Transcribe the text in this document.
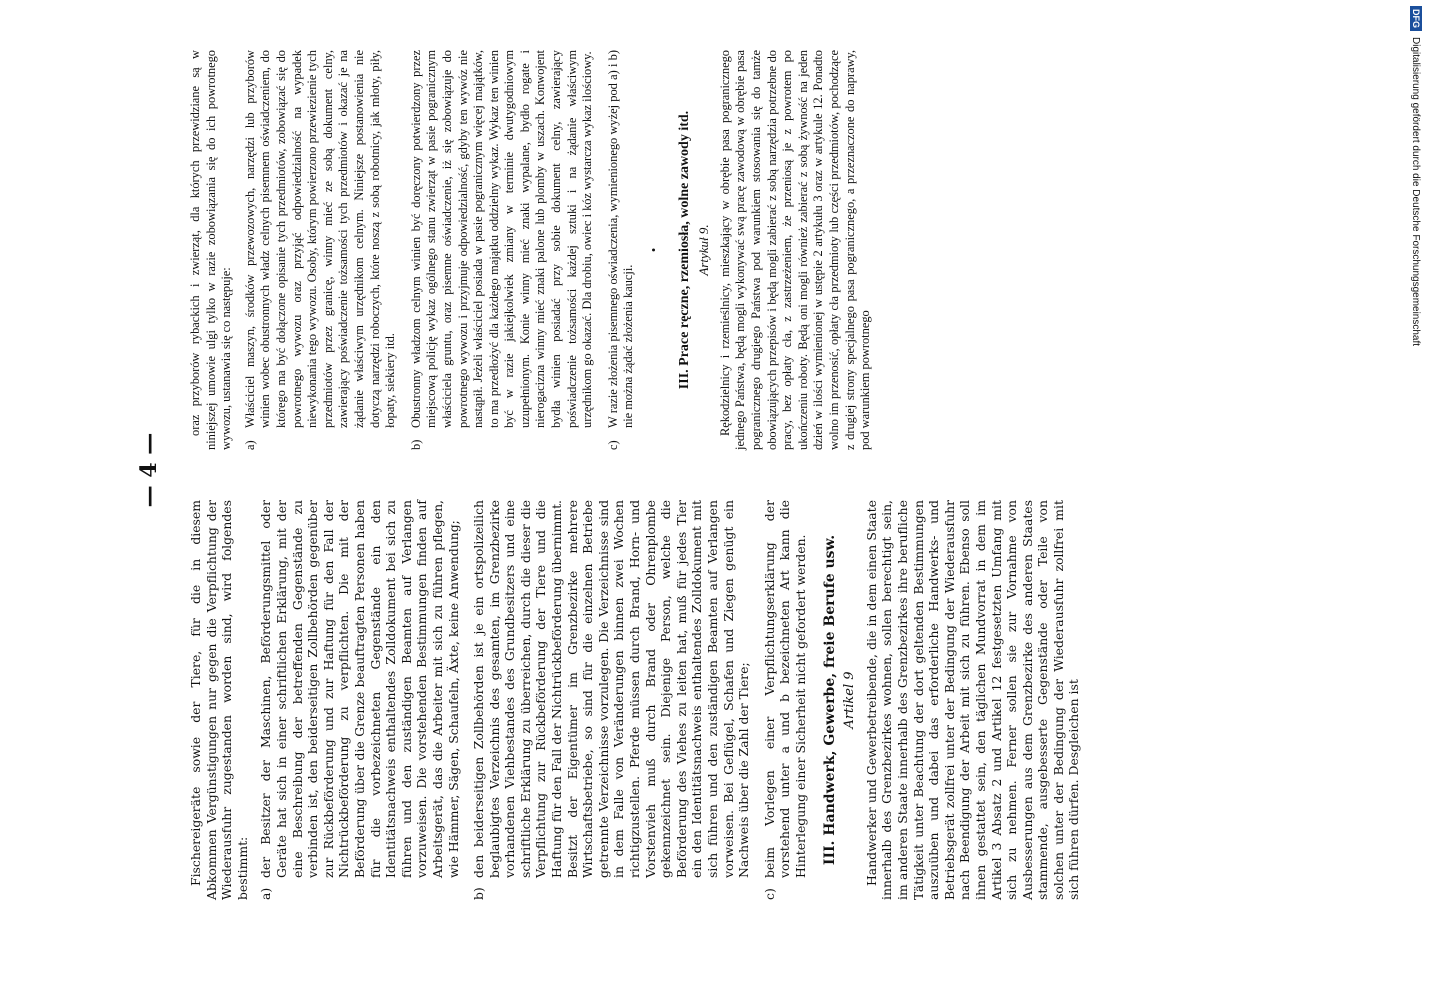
— 4 —

Fischereigeräte sowie der Tiere, für die in diesem Abkommen Vergünstigungen nur gegen die Verpflichtung der Wiederausfuhr zugestanden worden sind, wird folgendes bestimmt: a)
der Besitzer der Maschinen, Beförderungsmittel oder Geräte hat sich in einer schriftlichen Erklärung, mit der eine Beschreibung der betreffenden Gegenstände zu verbinden ist, den beiderseitigen Zollbehörden gegenüber zur Rückbeförderung und zur Haftung für den Fall der Nichtrückbeförderung zu verpflichten. Die mit der Beförderung über die Grenze beauftragten Personen haben für die vorbezeichneten Gegenstände ein den Identitätsnachweis enthaltendes Zolldokument bei sich zu führen und den zuständigen Beamten auf Verlangen vorzuweisen. Die vorstehenden Bestimmungen finden auf Arbeitsgerät, das die Arbeiter mit sich zu führen pflegen, wie Hämmer, Sägen, Schaufeln, Äxte, keine Anwendung;
b)
den beiderseitigen Zollbehörden ist je ein ortspolizeilich beglaubigtes Verzeichnis des gesamten, im Grenzbezirke vorhandenen Viehbestandes des Grundbesitzers und eine schriftliche Erklärung zu überreichen, durch die dieser die Verpflichtung zur Rückbeförderung der Tiere und die Haftung für den Fall der Nichtrückbeförderung übernimmt. Besitzt der Eigentümer im Grenzbezirke mehrere Wirtschaftsbetriebe, so sind für die einzelnen Betriebe getrennte Verzeichnisse vorzulegen. Die Verzeichnisse sind in dem Falle von Veränderungen binnen zwei Wochen richtigzustellen. Pferde müssen durch Brand, Horn- und Vorstenvieh muß durch Brand oder Ohrenplombe gekennzeichnet sein. Diejenige Person, welche die Beförderung des Viehes zu leiten hat, muß für jedes Tier ein den Identitätsnachweis enthaltendes Zolldokument mit sich führen und den zuständigen Beamten auf Verlangen vorweisen. Bei Geflügel, Schafen und Ziegen genügt ein Nachweis über die Zahl der Tiere;
c)
beim Vorlegen einer Verpflichtungserklärung der vorstehend unter a und b bezeichneten Art kann die Hinterlegung einer Sicherheit nicht gefordert werden. III. Handwerk, Gewerbe, freie Berufe usw. Artikel 9 Handwerker und Gewerbetreibende, die in dem einen Staate innerhalb des Grenzbezirkes wohnen, sollen berechtigt sein, im anderen Staate innerhalb des Grenzbezirkes ihre berufliche Tätigkeit unter Beachtung der dort geltenden Bestimmungen auszuüben und dabei das erforderliche Handwerks- und Betriebsgerät zollfrei unter der Bedingung der Wiederausfuhr nach Beendigung der Arbeit mit sich zu führen. Ebenso soll ihnen gestattet sein, den täglichen Mundvorrat in dem im Artikel 3 Absatz 2 und Artikel 12 festgesetzten Umfang mit sich zu nehmen. Ferner sollen sie zur Vornahme von Ausbesserungen aus dem Grenzbezirke des anderen Staates stammende, ausgebesserte Gegenstände oder Teile von solchen unter der Bedingung der Wiederausfuhr zollfrei mit sich führen dürfen. Desgleichen ist

oraz przyborów rybackich i zwierząt, dla których przewidziane są w niniejszej umowie ulgi tylko w razie zobowiązania się do ich powrotnego wywozu, ustanawia się co następuje: a)
Właściciel maszyn, środków przewozowych, narzędzi lub przyborów winien wobec obustronnych władz celnych pisemnem oświadczeniem, do którego ma być dołączone opisanie tych przedmiotów, zobowiązać się do powrotnego wywozu oraz przyjąć odpowiedzialność na wypadek niewykonania tego wywozu. Osoby, którym powierzono przewiezienie tych przedmiotów przez granicę, winny mieć ze sobą dokument celny, zawierający poświadczenie tożsamości tych przedmiotów i okazać je na żądanie właściwym urzędnikom celnym. Niniejsze postanowienia nie dotyczą narzędzi roboczych, które noszą z sobą robotnicy, jak młoty, piły, łopaty, siekiery itd.
b)
Obustronny władzom celnym winien być doręczony potwierdzony przez miejscową policję wykaz ogólnego stanu zwierząt w pasie pogranicznym właściciela gruntu, oraz pisemne oświadczenie, iż się zobowiązuje do powrotnego wywozu i przyjmuje odpowiedzialność, gdyby ten wywóz nie nastąpił. Jeżeli właściciel posiada w pasie pogranicznym więcej majątków, to ma przedłożyć dla każdego majątku oddzielny wykaz. Wykaz ten winien być w razie jakiejkolwiek zmiany w terminie dwutygodniowym uzupełnionym. Konie winny mieć znaki wypalane, bydło rogate i nierogacizna winny mieć znaki palone lub plomby w uszach. Konwojent bydła winien posiadać przy sobie dokument celny, zawierający poświadczenie tożsamości każdej sztuki i na żądanie właściwym urzędnikom go okazać. Dla drobiu, owiec i kóz wystarcza wykaz ilościowy.
c)
W razie złożenia pisemnego oświadczenia, wymienionego wyżej pod a) i b) nie można żądać złożenia kaucji.
• III. Prace ręczne, rzemiosła, wolne zawody itd. Artykuł 9. Rękodzielnicy i rzemieślnicy, mieszkający w obrębie pasa pogranicznego jednego Państwa, będą mogli wykonywać swą pracę zawodową w obrębie pasa pogranicznego drugiego Państwa pod warunkiem stosowania się do tamże obowiązujących przepisów i będą mogli zabierać z sobą narzędzia potrzebne do pracy, bez opłaty cła, z zastrzeżeniem, że przeniosą je z powrotem po ukończeniu roboty. Będą oni mogli również zabierać z sobą żywność na jeden dzień w ilości wymienionej w ustępie 2 artykułu 3 oraz w artykule 12. Ponadto wolno im przenosić, opłaty cła przedmioty lub części przedmiotów, pochodzące z drugiej strony specjalnego pasa pogranicznego, a przeznaczone do naprawy, pod warunkiem powrotnego

DFG
Digitalisierung gefördert durch die Deutsche Forschungsgemeinschaft
